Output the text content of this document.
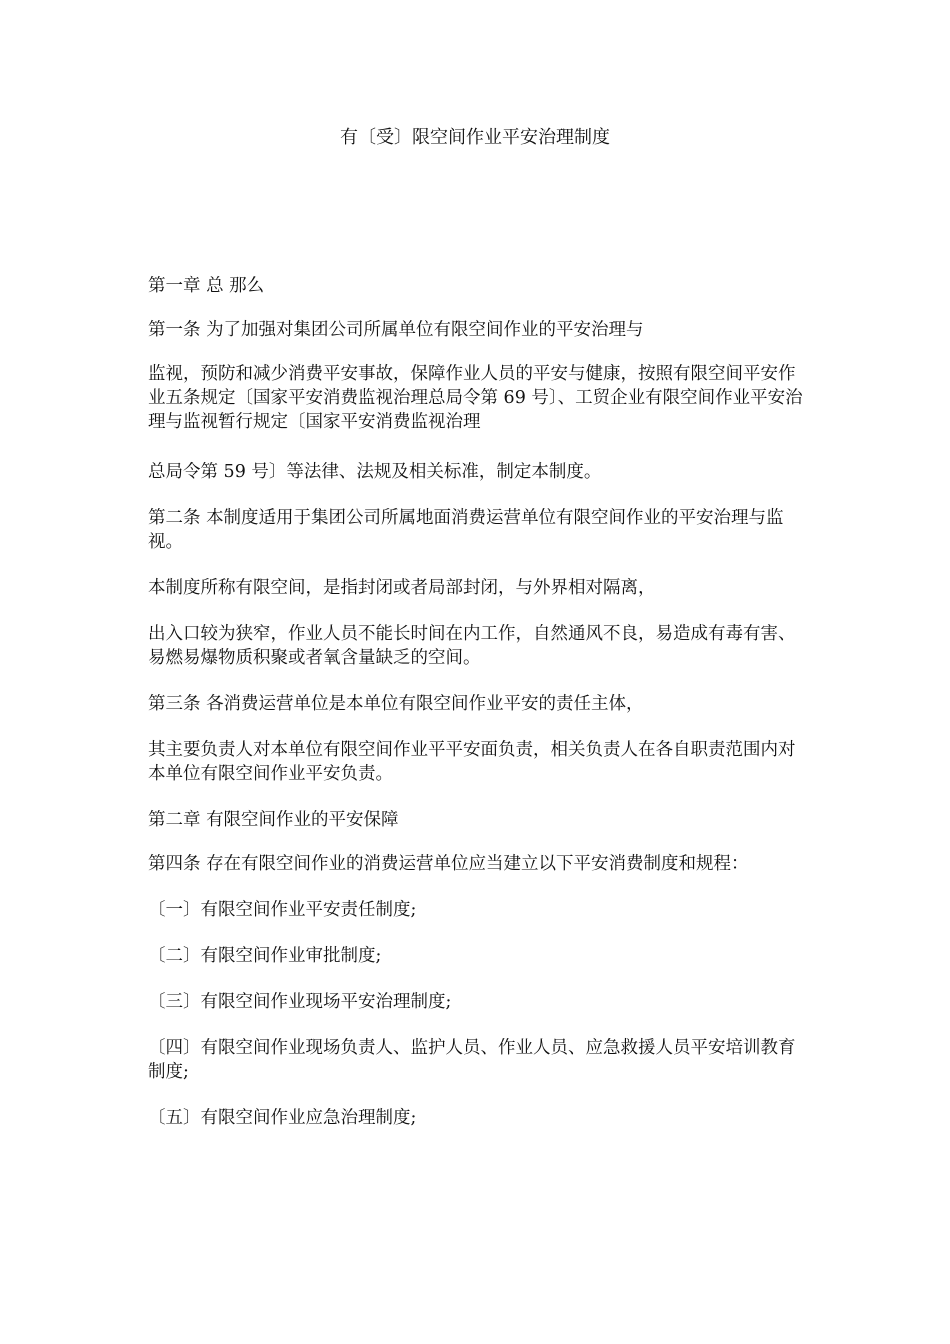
有〔受〕限空间作业平安治理制度

第一章 总 那么

第一条 为了加强对集团公司所属单位有限空间作业的平安治理与

监视，预防和减少消费平安事故，保障作业人员的平安与健康，按照有限空间平安作业五条规定〔国家平安消费监视治理总局令第 69 号〕、工贸企业有限空间作业平安治理与监视暂行规定〔国家平安消费监视治理

总局令第 59 号〕等法律、法规及相关标准，制定本制度。

第二条 本制度适用于集团公司所属地面消费运营单位有限空间作业的平安治理与监视。

本制度所称有限空间，是指封闭或者局部封闭，与外界相对隔离，

出入口较为狭窄，作业人员不能长时间在内工作，自然通风不良，易造成有毒有害、易燃易爆物质积聚或者氧含量缺乏的空间。

第三条 各消费运营单位是本单位有限空间作业平安的责任主体，

其主要负责人对本单位有限空间作业平平安面负责，相关负责人在各自职责范围内对本单位有限空间作业平安负责。

第二章 有限空间作业的平安保障

第四条 存在有限空间作业的消费运营单位应当建立以下平安消费制度和规程：

〔一〕有限空间作业平安责任制度;

〔二〕有限空间作业审批制度;

〔三〕有限空间作业现场平安治理制度;

〔四〕有限空间作业现场负责人、监护人员、作业人员、应急救援人员平安培训教育制度;

〔五〕有限空间作业应急治理制度;
